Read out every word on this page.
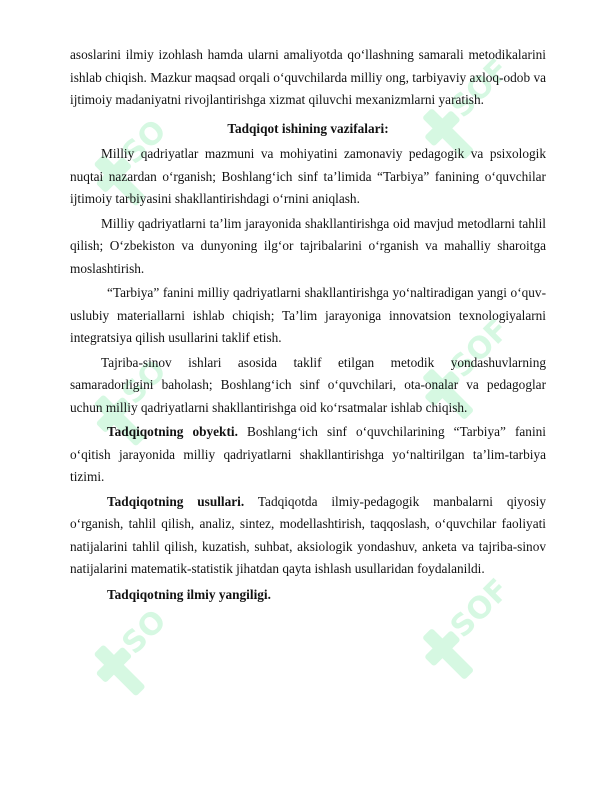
SO
SO
SO
SOF
SOF
SOF

asoslarini ilmiy izohlash hamda ularni amaliyotda qo‘llashning samarali metodikalarini ishlab chiqish. Mazkur maqsad orqali o‘quvchilarda milliy ong, tarbiyaviy axloq-odob va ijtimoiy madaniyatni rivojlantirishga xizmat qiluvchi mexanizmlarni yaratish.

Tadqiqot ishining vazifalari:

Milliy qadriyatlar mazmuni va mohiyatini zamonaviy pedagogik va psixologik nuqtai nazardan o‘rganish; Boshlang‘ich sinf ta’limida “Tarbiya” fanining o‘quvchilar ijtimoiy tarbiyasini shakllantirishdagi o‘rnini aniqlash.

Milliy qadriyatlarni ta’lim jarayonida shakllantirishga oid mavjud metodlarni tahlil qilish; O‘zbekiston va dunyoning ilg‘or tajribalarini o‘rganish va mahalliy sharoitga moslashtirish.

“Tarbiya” fanini milliy qadriyatlarni shakllantirishga yo‘naltiradigan yangi o‘quv-uslubiy materiallarni ishlab chiqish; Ta’lim jarayoniga innovatsion texnologiyalarni integratsiya qilish usullarini taklif etish.

Tajriba-sinov ishlari asosida taklif etilgan metodik yondashuvlarning samaradorligini baholash; Boshlang‘ich sinf o‘quvchilari, ota-onalar va pedagoglar uchun milliy qadriyatlarni shakllantirishga oid ko‘rsatmalar ishlab chiqish.

Tadqiqotning obyekti. Boshlang‘ich sinf o‘quvchilarining “Tarbiya” fanini o‘qitish jarayonida milliy qadriyatlarni shakllantirishga yo‘naltirilgan ta’lim-tarbiya tizimi.

Tadqiqotning usullari. Tadqiqotda ilmiy-pedagogik manbalarni qiyosiy o‘rganish, tahlil qilish, analiz, sintez, modellashtirish, taqqoslash, o‘quvchilar faoliyati natijalarini tahlil qilish, kuzatish, suhbat, aksiologik yondashuv, anketa va tajriba-sinov natijalarini matematik-statistik jihatdan qayta ishlash usullaridan foydalanildi.

Tadqiqotning ilmiy yangiligi.
